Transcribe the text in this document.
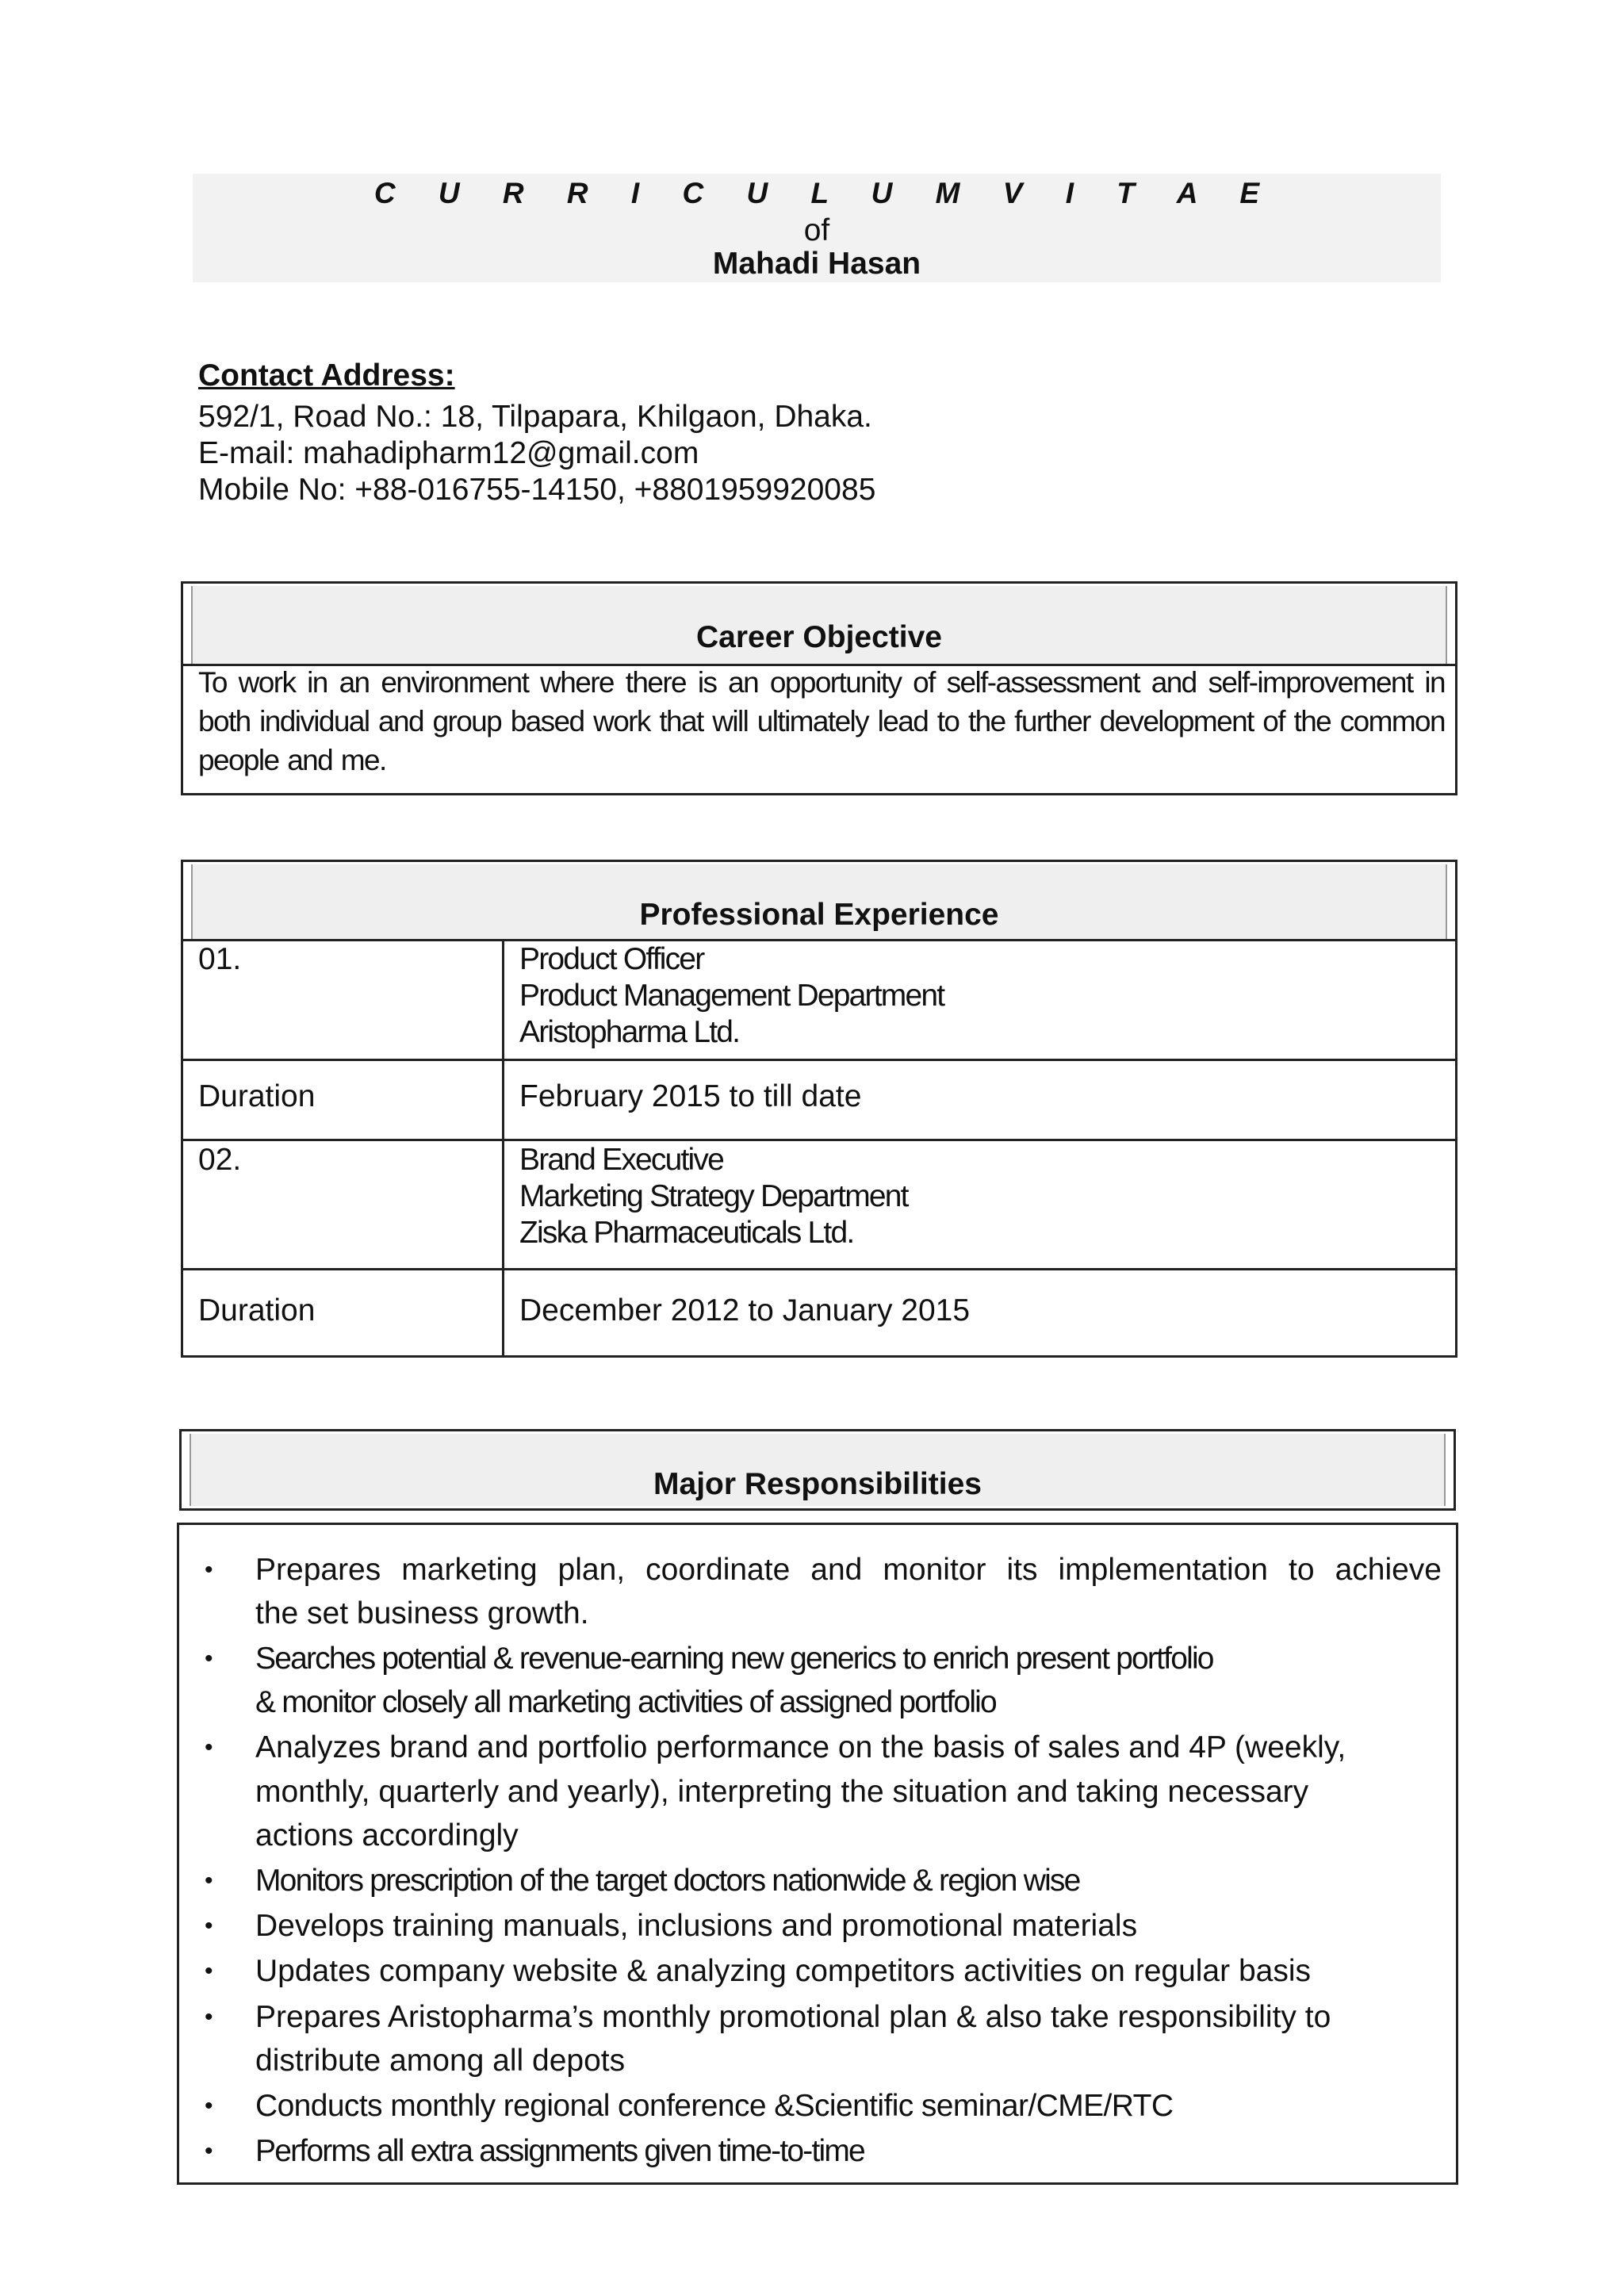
C U R R I C U L U M V I T A E
of
Mahadi Hasan
Contact Address:
592/1, Road No.: 18, Tilpapara, Khilgaon, Dhaka.
E-mail: mahadipharm12@gmail.com
Mobile No: +88-016755-14150, +8801959920085
Career Objective
To work in an environment where there is an opportunity of self-assessment and self-improvement in both individual and group based work that will ultimately lead to the further development of the common people and me.
Professional Experience
01.	Product Officer
Product Management Department
Aristopharma Ltd.
Duration	February 2015 to till date
02.	Brand Executive
Marketing Strategy Department
Ziska Pharmaceuticals Ltd.
Duration	December 2012 to January 2015
Major Responsibilities
• Prepares marketing plan, coordinate and monitor its implementation to achieve
the set business growth.
• Searches potential & revenue-earning new generics to enrich present portfolio
& monitor closely all marketing activities of assigned portfolio
• Analyzes brand and portfolio performance on the basis of sales and 4P (weekly,
monthly, quarterly and yearly), interpreting the situation and taking necessary
actions accordingly
• Monitors prescription of the target doctors nationwide & region wise
• Develops training manuals, inclusions and promotional materials
• Updates company website & analyzing competitors activities on regular basis
• Prepares Aristopharma’s monthly promotional plan & also take responsibility to
distribute among all depots
• Conducts monthly regional conference &Scientific seminar/CME/RTC
• Performs all extra assignments given time-to-time
